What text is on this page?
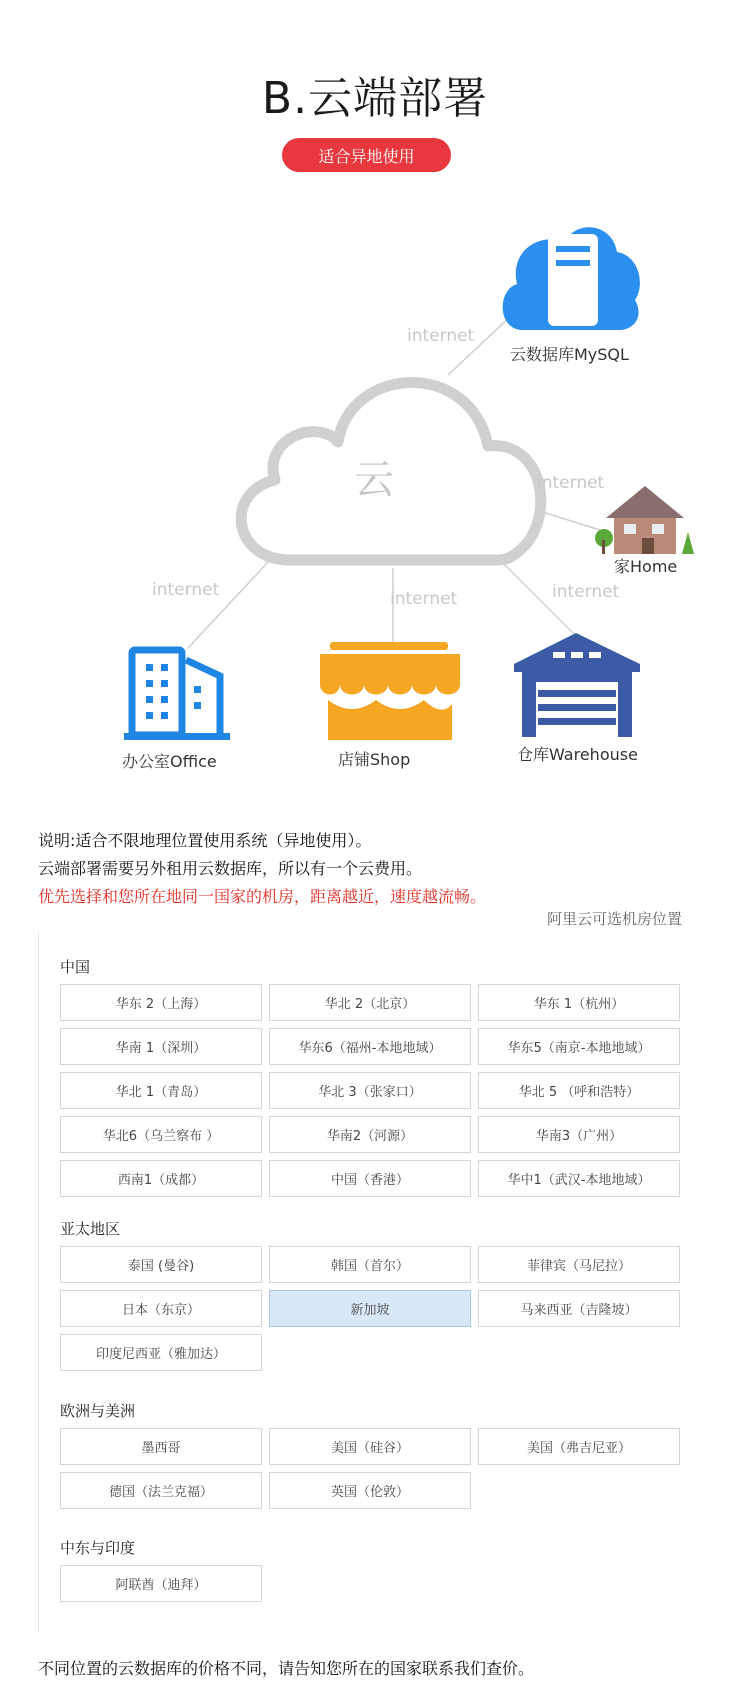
B.云端部署
适合异地使用
云
internet
internet
internet	internet	internet
云数据库MySQL
家Home
办公室Office	店铺Shop	仓库Warehouse
说明:适合不限地理位置使用系统（异地使用）。
云端部署需要另外租用云数据库，所以有一个云费用。
优先选择和您所在地同一国家的机房，距离越近，速度越流畅。
阿里云可选机房位置
中国
华东 2（上海）	华北 2（北京）	华东 1（杭州）
华南 1（深圳）	华东6（福州-本地地域）	华东5（南京-本地地域）
华北 1（青岛）	华北 3（张家口）	华北 5 （呼和浩特）
华北6（乌兰察布 ）	华南2（河源）	华南3（广州）
西南1（成都）	中国（香港）	华中1（武汉-本地地域）
亚太地区
泰国 (曼谷)	韩国（首尔）	菲律宾（马尼拉）
日本（东京）	新加坡	马来西亚（吉隆坡）
印度尼西亚（雅加达）
欧洲与美洲
墨西哥	美国（硅谷）	美国（弗吉尼亚）
德国（法兰克福）	英国（伦敦）
中东与印度
阿联酋（迪拜）
不同位置的云数据库的价格不同，请告知您所在的国家联系我们查价。
